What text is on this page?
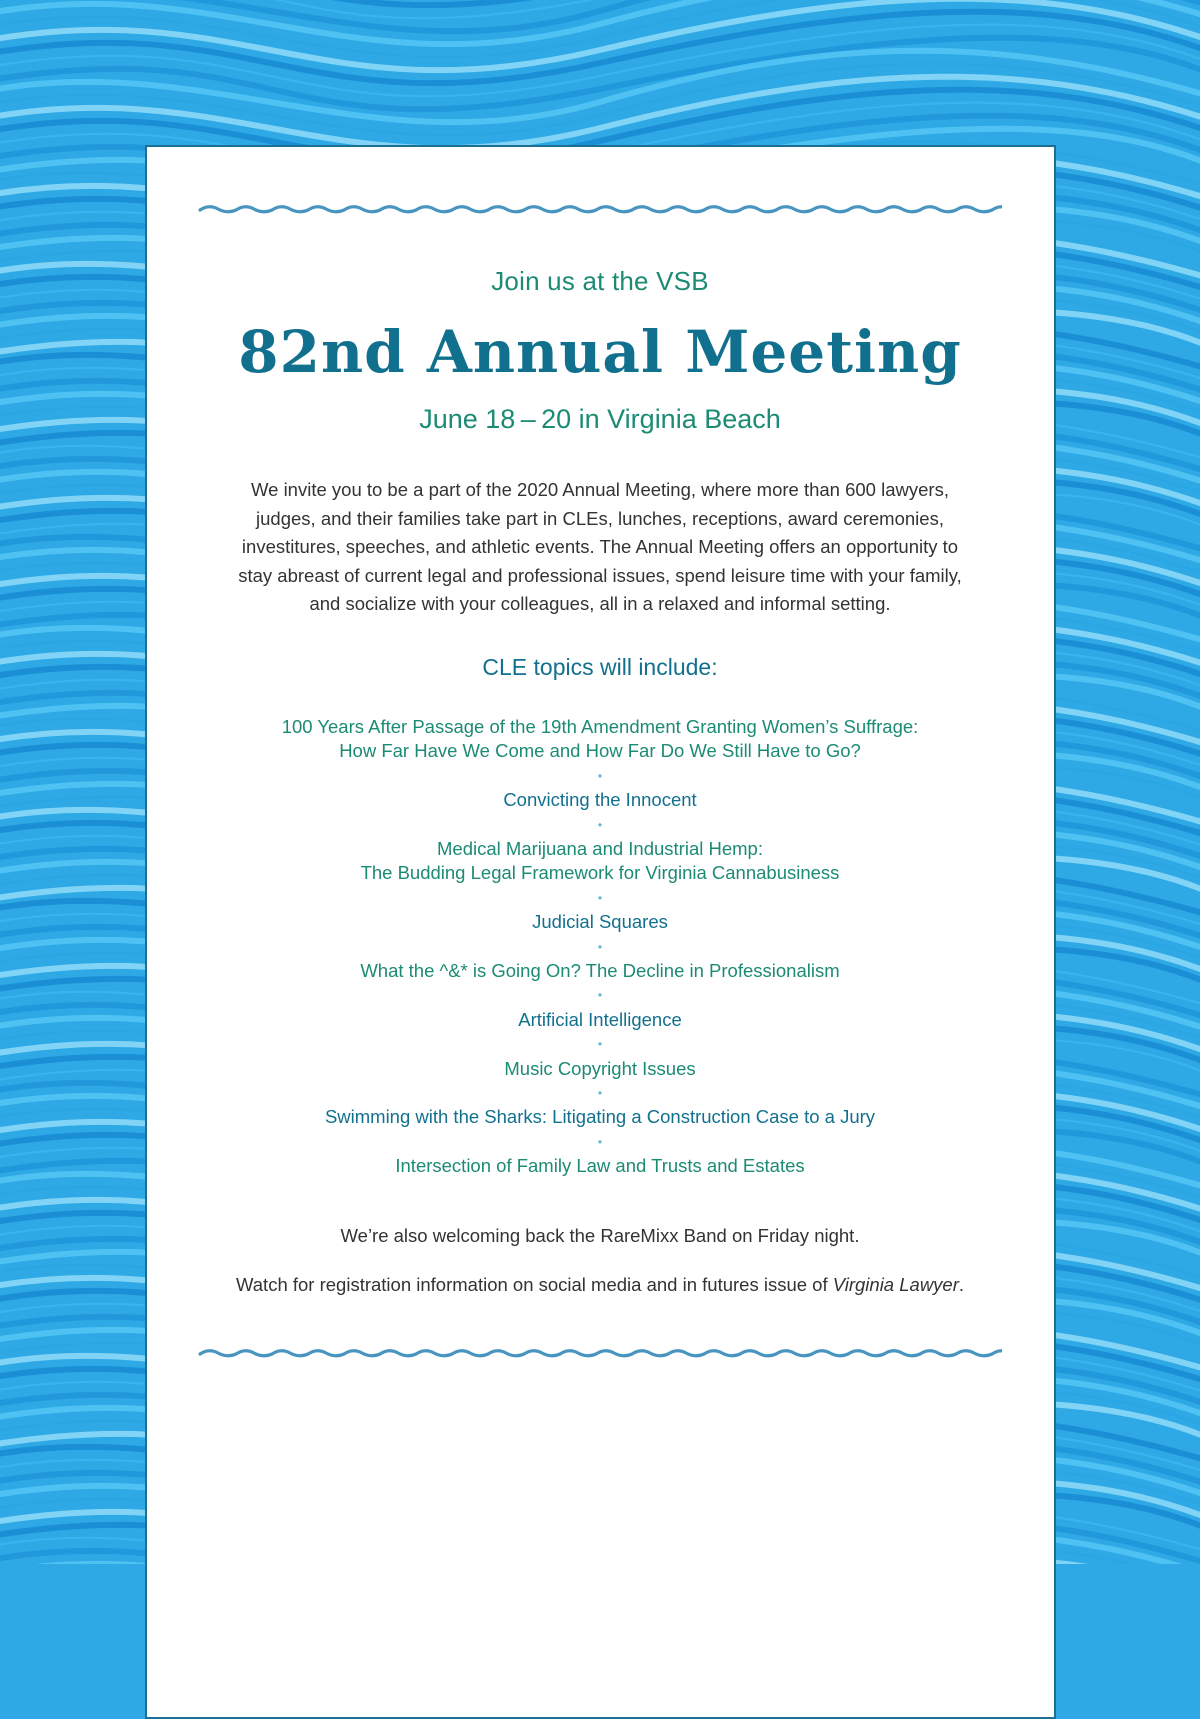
Join us at the VSB
82nd Annual Meeting
June 18 – 20 in Virginia Beach
We invite you to be a part of the 2020 Annual Meeting, where more than 600 lawyers,
judges, and their families take part in CLEs, lunches, receptions, award ceremonies,
investitures, speeches, and athletic events. The Annual Meeting offers an opportunity to
stay abreast of current legal and professional issues, spend leisure time with your family,
and socialize with your colleagues, all in a relaxed and informal setting.
CLE topics will include:
100 Years After Passage of the 19th Amendment Granting Women’s Suffrage:
How Far Have We Come and How Far Do We Still Have to Go?
•
Convicting the Innocent
•
Medical Marijuana and Industrial Hemp:
The Budding Legal Framework for Virginia Cannabusiness
•
Judicial Squares
•
What the ^&* is Going On? The Decline in Professionalism
•
Artificial Intelligence
•
Music Copyright Issues
•
Swimming with the Sharks: Litigating a Construction Case to a Jury
•
Intersection of Family Law and Trusts and Estates
We’re also welcoming back the RareMixx Band on Friday night.
Watch for registration information on social media and in futures issue of Virginia Lawyer.
